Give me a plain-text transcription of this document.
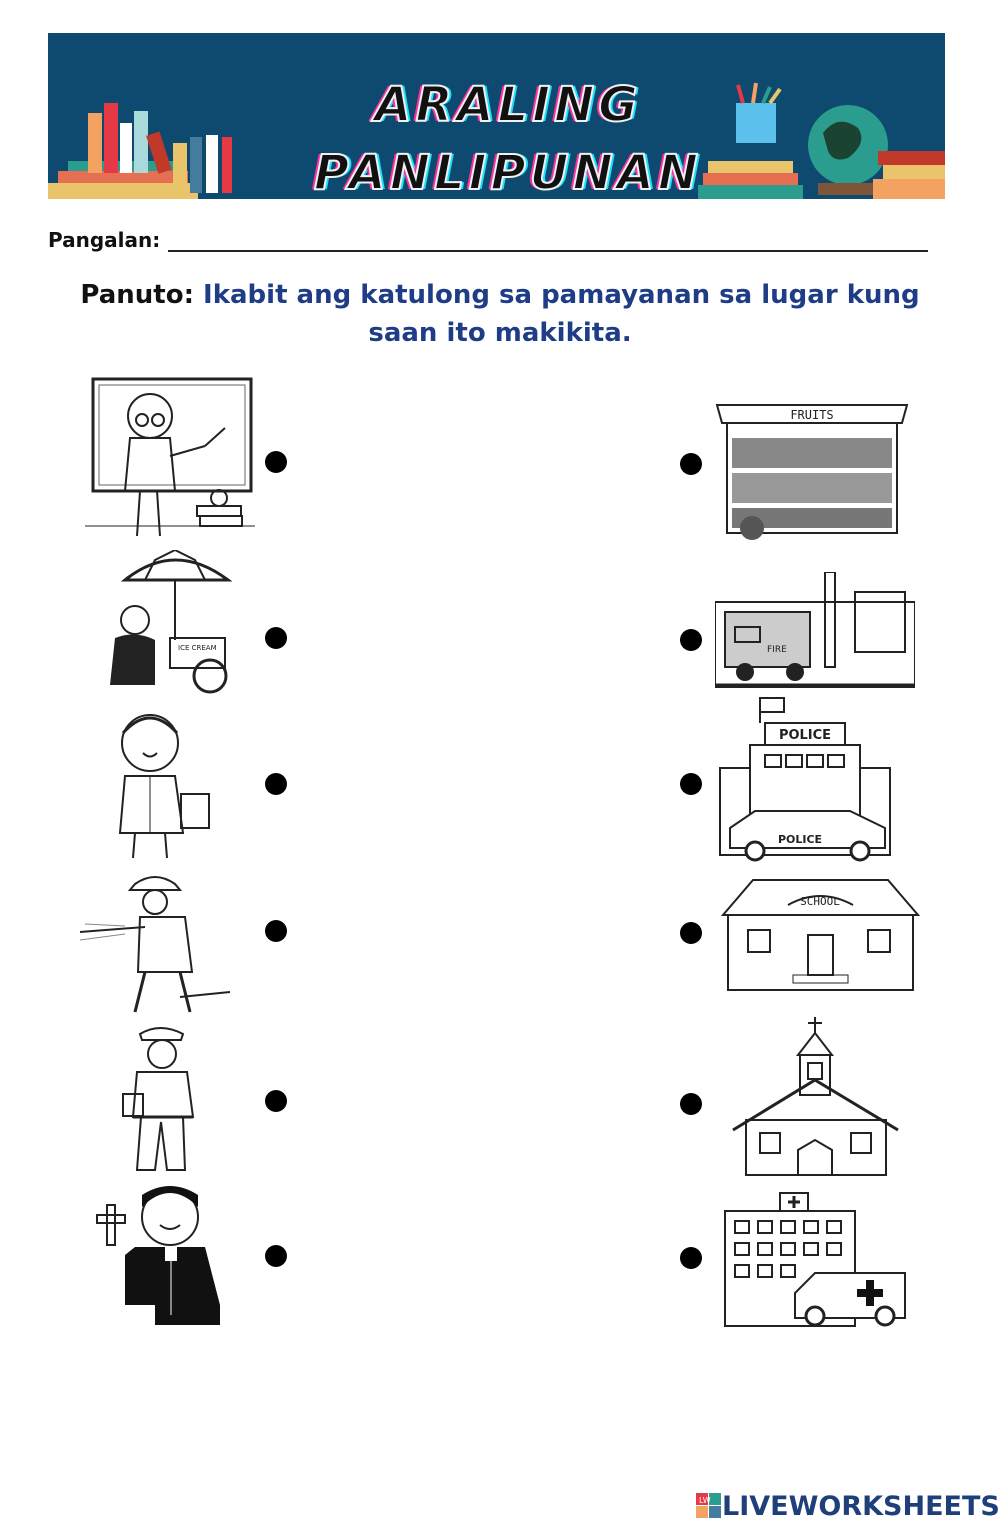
ARALING
PANLIPUNAN
Pangalan:
Panuto: Ikabit ang katulong sa pamayanan sa lugar kung saan ito makikita.
ICE CREAM
FRUITS
FIRE
POLICE
POLICE
SCHOOL
LW LIVEWORKSHEETS
